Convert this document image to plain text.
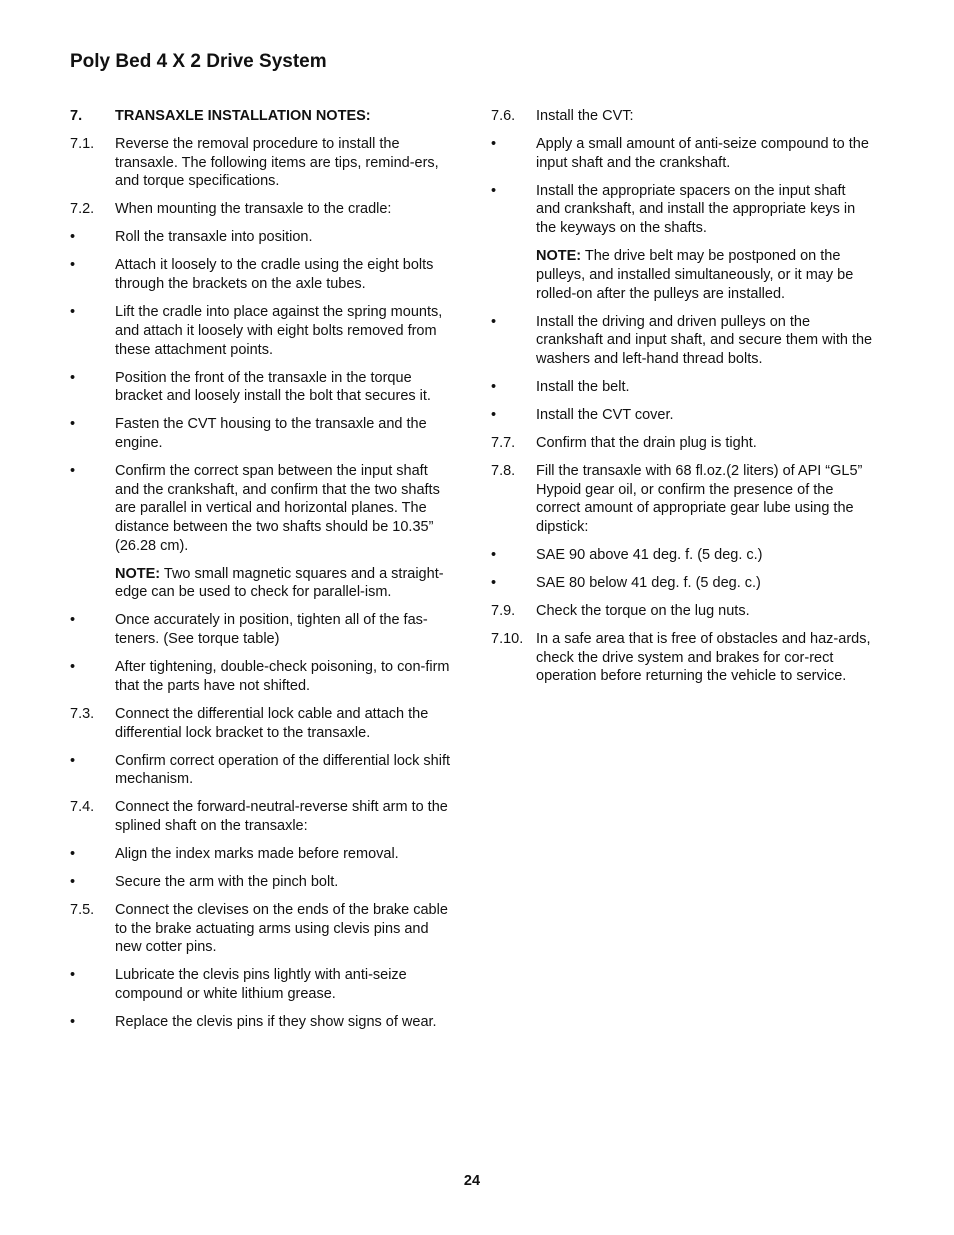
Poly Bed 4 X 2 Drive System
7.	TRANSAXLE INSTALLATION NOTES:
7.1.	Reverse the removal procedure to install the transaxle. The following items are tips, remind-ers, and torque specifications.
7.2.	When mounting the transaxle to the cradle:
•	Roll the transaxle into position.
•	Attach it loosely to the cradle using the eight bolts through the brackets on the axle tubes.
•	Lift the cradle into place against the spring mounts, and attach it loosely with eight bolts removed from these attachment points.
•	Position the front of the transaxle in the torque bracket and loosely install the bolt that secures it.
•	Fasten the CVT housing to the transaxle and the engine.
•	Confirm the correct span between the input shaft and the crankshaft, and confirm that the two shafts are parallel in vertical and horizontal planes. The distance between the two shafts should be 10.35” (26.28 cm).
NOTE: Two small magnetic squares and a straight-edge can be used to check for parallel-ism.
•	Once accurately in position, tighten all of the fas-teners. (See torque table)
•	After tightening, double-check poisoning, to con-firm that the parts have not shifted.
7.3.	Connect the differential lock cable and attach the differential lock bracket to the transaxle.
•	Confirm correct operation of the differential lock shift mechanism.
7.4.	Connect the forward-neutral-reverse shift arm to the splined shaft on the transaxle:
•	Align the index marks made before removal.
•	Secure the arm with the pinch bolt.
7.5.	Connect the clevises on the ends of the brake cable to the brake actuating arms using clevis pins and new cotter pins.
•	Lubricate the clevis pins lightly with anti-seize compound or white lithium grease.
•	Replace the clevis pins if they show signs of wear.
7.6.	Install the CVT:
•	Apply a small amount of anti-seize compound to the input shaft and the crankshaft.
•	Install the appropriate spacers on the input shaft and crankshaft, and install the appropriate keys in the keyways on the shafts.
NOTE: The drive belt may be postponed on the pulleys, and installed simultaneously, or it may be rolled-on after the pulleys are installed.
•	Install the driving and driven pulleys on the crankshaft and input shaft, and secure them with the washers and left-hand thread bolts.
•	Install the belt.
•	Install the CVT cover.
7.7.	Confirm that the drain plug is tight.
7.8.	Fill the transaxle with 68 fl.oz.(2 liters) of API “GL5” Hypoid gear oil, or confirm the presence of the correct amount of appropriate gear lube using the dipstick:
•	SAE 90 above 41 deg. f. (5 deg. c.)
•	SAE 80 below 41 deg. f. (5 deg. c.)
7.9.	Check the torque on the lug nuts.
7.10. In a safe area that is free of obstacles and haz-ards, check the drive system and brakes for cor-rect operation before returning the vehicle to service.
24
